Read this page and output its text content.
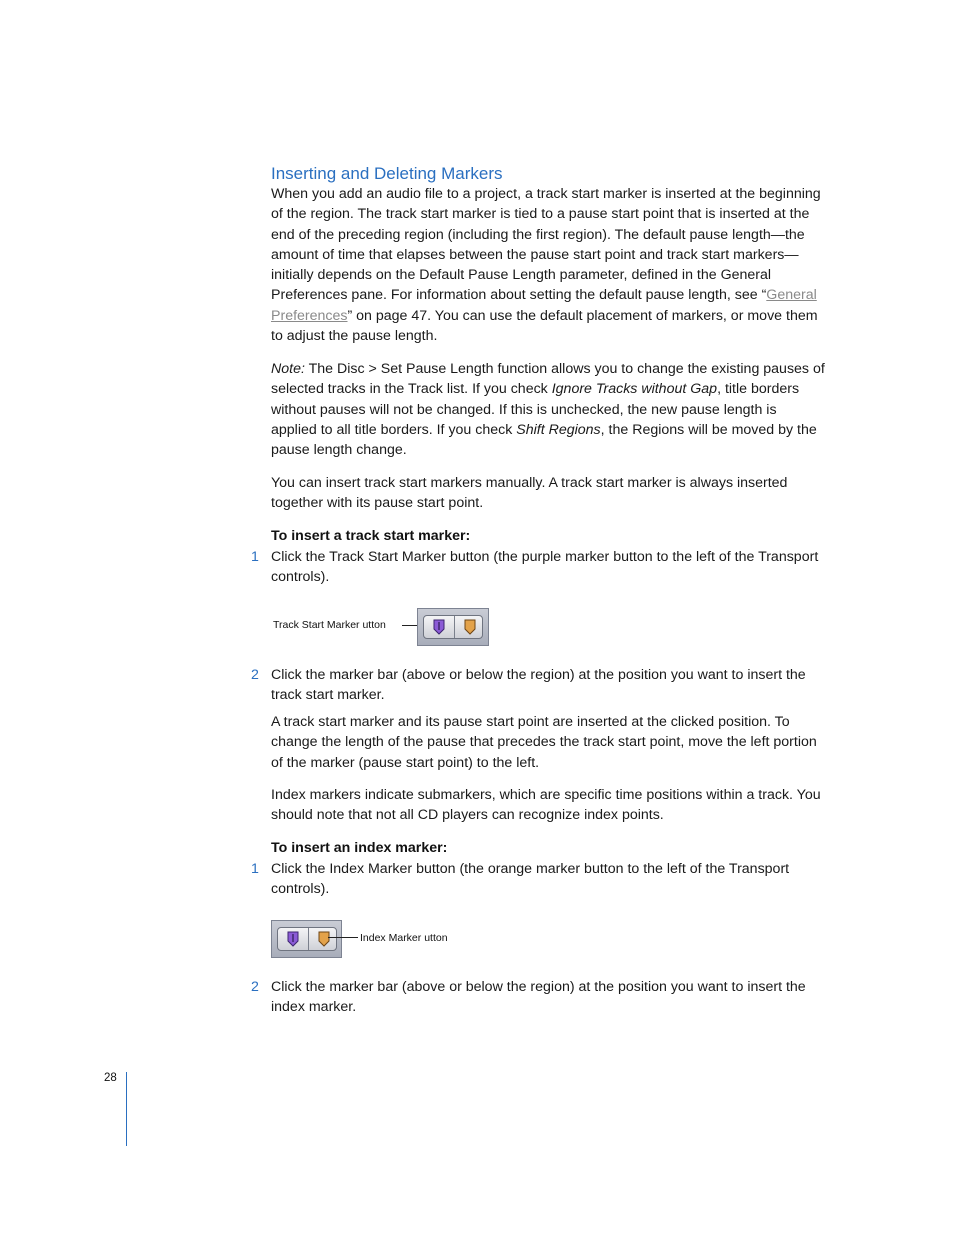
Inserting and Deleting Markers

When you add an audio file to a project, a track start marker is inserted at the beginning of the region. The track start marker is tied to a pause start point that is inserted at the end of the preceding region (including the first region). The default pause length—the amount of time that elapses between the pause start point and track start markers—initially depends on the Default Pause Length parameter, defined in the General Preferences pane. For information about setting the default pause length, see “General Preferences” on page 47. You can use the default placement of markers, or move them to adjust the pause length.

Note: The Disc > Set Pause Length function allows you to change the existing pauses of selected tracks in the Track list. If you check Ignore Tracks without Gap, title borders without pauses will not be changed. If this is unchecked, the new pause length is applied to all title borders. If you check Shift Regions, the Regions will be moved by the pause length change.

You can insert track start markers manually. A track start marker is always inserted together with its pause start point.
To insert a track start marker:
1 Click the Track Start Marker button (the purple marker button to the left of the Transport controls).
Track Start Marker utton
2 Click the marker bar (above or below the region) at the position you want to insert the track start marker.
A track start marker and its pause start point are inserted at the clicked position. To change the length of the pause that precedes the track start point, move the left portion of the marker (pause start point) to the left.
Index markers indicate submarkers, which are specific time positions within a track. You should note that not all CD players can recognize index points.
To insert an index marker:
1 Click the Index Marker button (the orange marker button to the left of the Transport controls).
Index Marker utton
2 Click the marker bar (above or below the region) at the position you want to insert the index marker.
28
